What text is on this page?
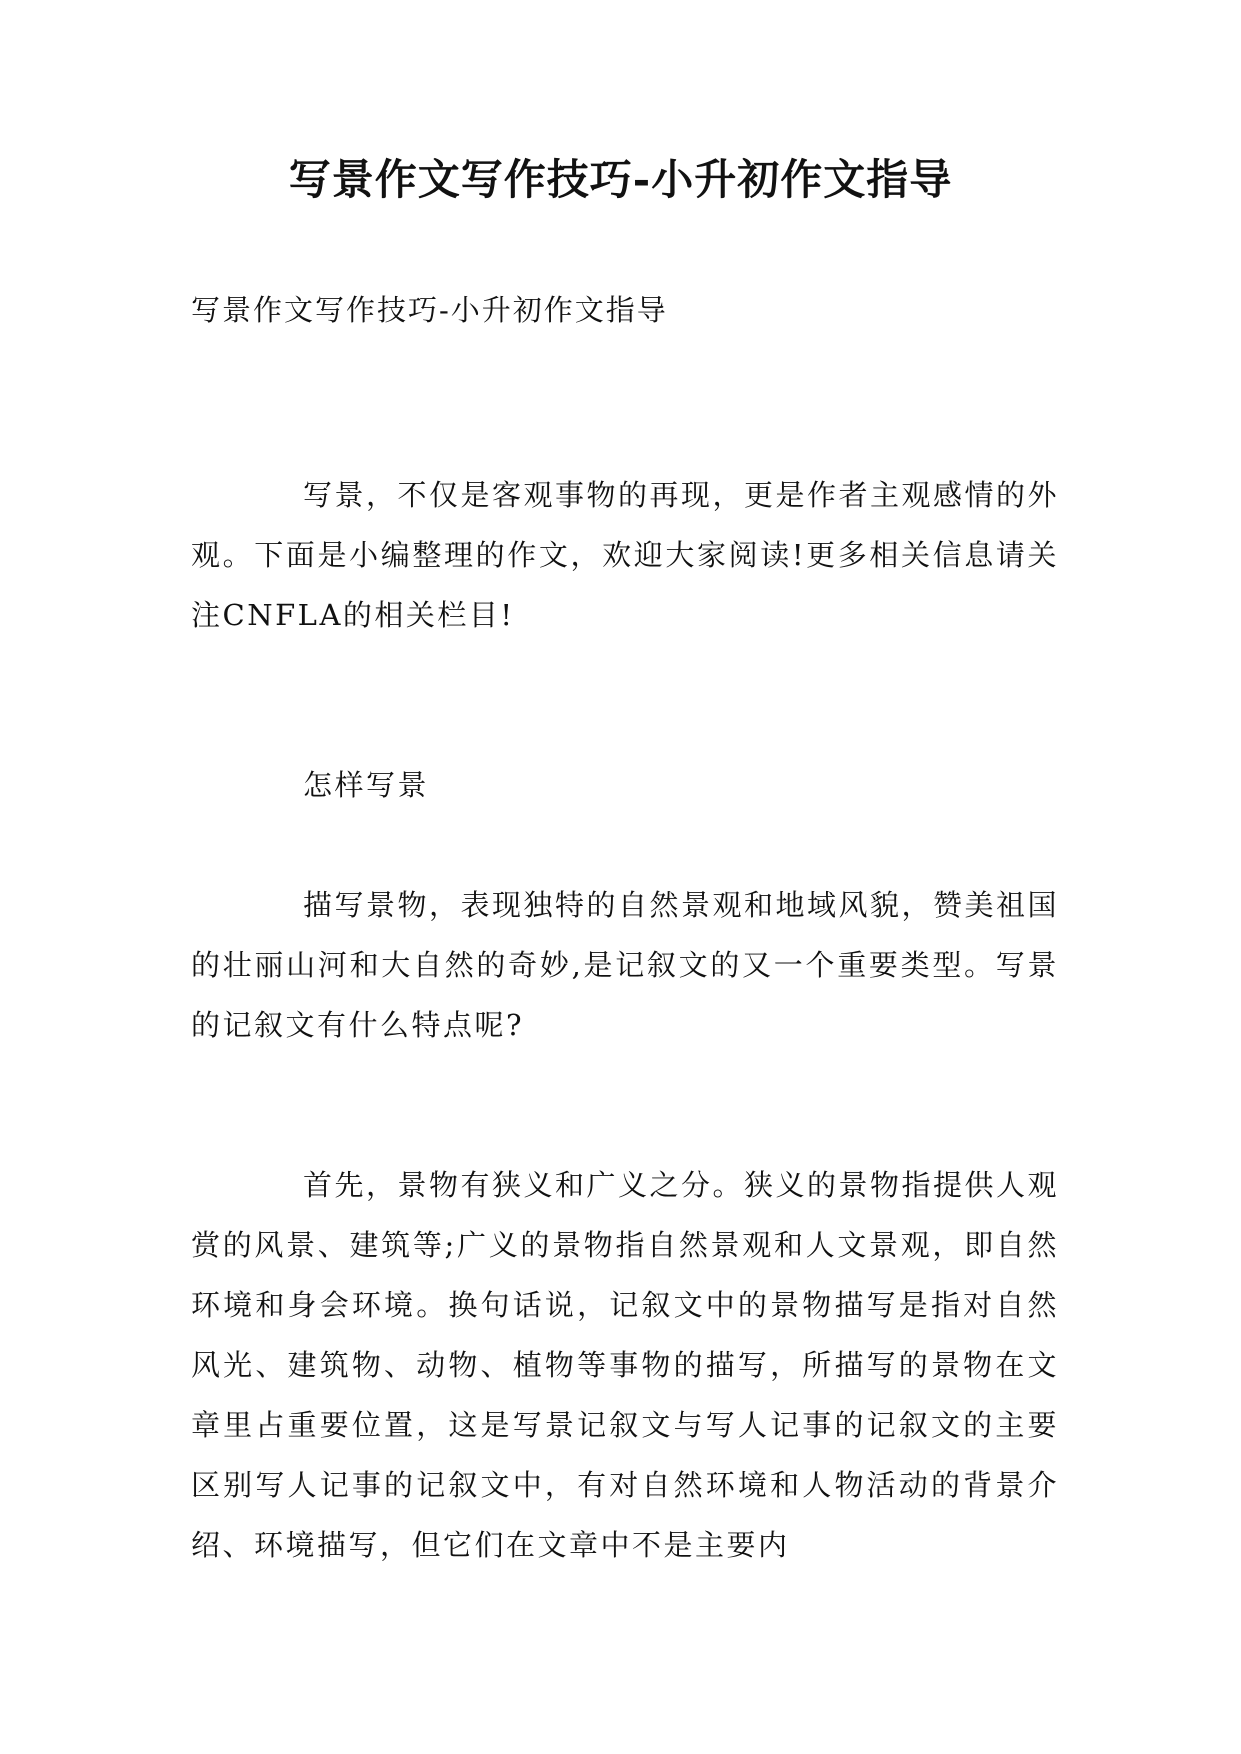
写景作文写作技巧-小升初作文指导

写景作文写作技巧-小升初作文指导

写景，不仅是客观事物的再现，更是作者主观感情的外观。下面是小编整理的作文，欢迎大家阅读!更多相关信息请关注CNFLA的相关栏目!

怎样写景

描写景物，表现独特的自然景观和地域风貌，赞美祖国的壮丽山河和大自然的奇妙,是记叙文的又一个重要类型。写景的记叙文有什么特点呢?

首先，景物有狭义和广义之分。狭义的景物指提供人观赏的风景、建筑等;广义的景物指自然景观和人文景观，即自然环境和身会环境。换句话说，记叙文中的景物描写是指对自然风光、建筑物、动物、植物等事物的描写，所描写的景物在文章里占重要位置，这是写景记叙文与写人记事的记叙文的主要区别写人记事的记叙文中，有对自然环境和人物活动的背景介绍、环境描写，但它们在文章中不是主要内
